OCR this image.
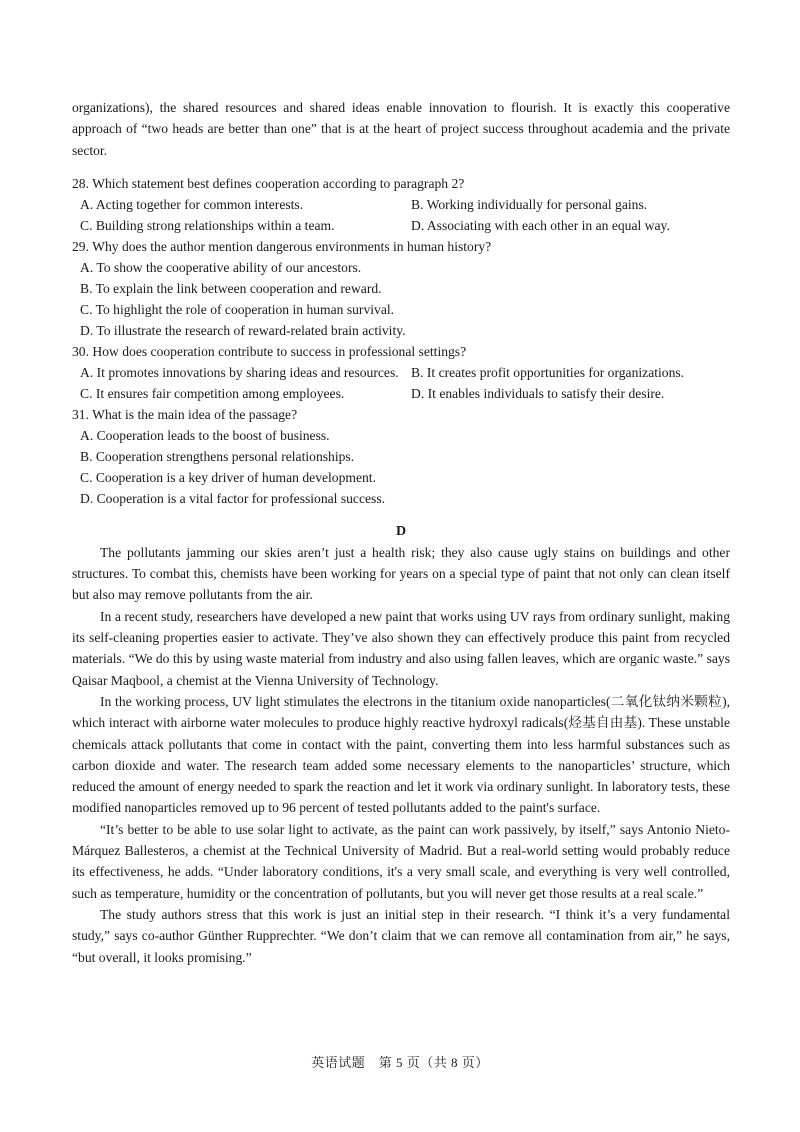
organizations), the shared resources and shared ideas enable innovation to flourish. It is exactly this cooperative approach of “two heads are better than one” that is at the heart of project success throughout academia and the private sector.

28. Which statement best defines cooperation according to paragraph 2?

A. Acting together for common interests.	B. Working individually for personal gains.
C. Building strong relationships within a team.	D. Associating with each other in an equal way.

29. Why does the author mention dangerous environments in human history?

A. To show the cooperative ability of our ancestors.

B. To explain the link between cooperation and reward.

C. To highlight the role of cooperation in human survival.

D. To illustrate the research of reward-related brain activity.

30. How does cooperation contribute to success in professional settings?

A. It promotes innovations by sharing ideas and resources. B. It creates profit opportunities for organizations.
C. It ensures fair competition among employees.	D. It enables individuals to satisfy their desire.

31. What is the main idea of the passage?

A. Cooperation leads to the boost of business.

B. Cooperation strengthens personal relationships.

C. Cooperation is a key driver of human development.

D. Cooperation is a vital factor for professional success.

D

The pollutants jamming our skies aren’t just a health risk; they also cause ugly stains on buildings and other structures. To combat this, chemists have been working for years on a special type of paint that not only can clean itself but also may remove pollutants from the air.

In a recent study, researchers have developed a new paint that works using UV rays from ordinary sunlight, making its self-cleaning properties easier to activate. They’ve also shown they can effectively produce this paint from recycled materials. “We do this by using waste material from industry and also using fallen leaves, which are organic waste.” says Qaisar Maqbool, a chemist at the Vienna University of Technology.

In the working process, UV light stimulates the electrons in the titanium oxide nanoparticles(二氧化钛纳米颗粒), which interact with airborne water molecules to produce highly reactive hydroxyl radicals(烃基自由基). These unstable chemicals attack pollutants that come in contact with the paint, converting them into less harmful substances such as carbon dioxide and water. The research team added some necessary elements to the nanoparticles’ structure, which reduced the amount of energy needed to spark the reaction and let it work via ordinary sunlight. In laboratory tests, these modified nanoparticles removed up to 96 percent of tested pollutants added to the paint's surface.

“It’s better to be able to use solar light to activate, as the paint can work passively, by itself,” says Antonio Nieto-Márquez Ballesteros, a chemist at the Technical University of Madrid. But a real-world setting would probably reduce its effectiveness, he adds. “Under laboratory conditions, it's a very small scale, and everything is very well controlled, such as temperature, humidity or the concentration of pollutants, but you will never get those results at a real scale.”

The study authors stress that this work is just an initial step in their research. “I think it’s a very fundamental study,” says co-author Günther Rupprechter. “We don’t claim that we can remove all contamination from air,” he says, “but overall, it looks promising.”

英语试题　第 5 页（共 8 页）
